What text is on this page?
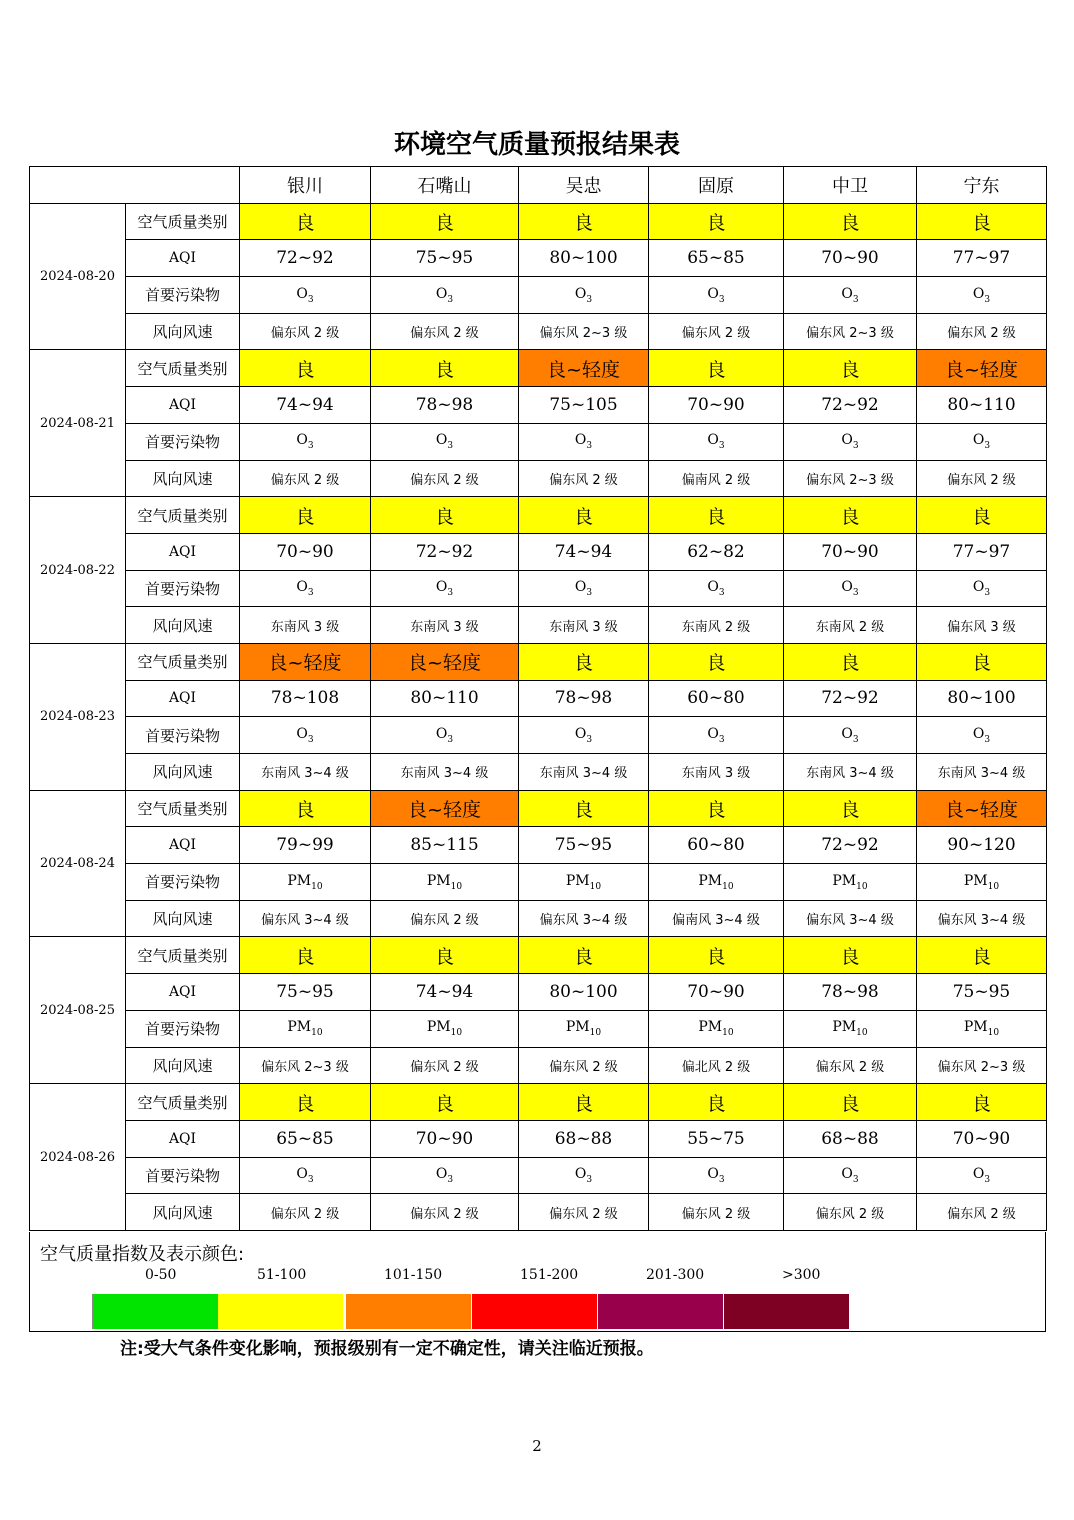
环境空气质量预报结果表
		银川	石嘴山	吴忠	固原	中卫	宁东
2024-08-20	空气质量类别	良	良	良	良	良	良
	AQI	72~92	75~95	80~100	65~85	70~90	77~97
	首要污染物	$O_3$	$O_3$	$O_3$	$O_3$	$O_3$	$O_3$
	风向风速	偏东风 2 级	偏东风 2 级	偏东风 2~3 级	偏东风 2 级	偏东风 2~3 级	偏东风 2 级
2024-08-21	空气质量类别	良	良	良~轻度	良	良	良~轻度
	AQI	74~94	78~98	75~105	70~90	72~92	80~110
	首要污染物	$O_3$	$O_3$	$O_3$	$O_3$	$O_3$	$O_3$
	风向风速	偏东风 2 级	偏东风 2 级	偏东风 2 级	偏南风 2 级	偏东风 2~3 级	偏东风 2 级
2024-08-22	空气质量类别	良	良	良	良	良	良
	AQI	70~90	72~92	74~94	62~82	70~90	77~97
	首要污染物	$O_3$	$O_3$	$O_3$	$O_3$	$O_3$	$O_3$
	风向风速	东南风 3 级	东南风 3 级	东南风 3 级	东南风 2 级	东南风 2 级	偏东风 3 级
2024-08-23	空气质量类别	良~轻度	良~轻度	良	良	良	良
	AQI	78~108	80~110	78~98	60~80	72~92	80~100
	首要污染物	$O_3$	$O_3$	$O_3$	$O_3$	$O_3$	$O_3$
	风向风速	东南风 3~4 级	东南风 3~4 级	东南风 3~4 级	东南风 3 级	东南风 3~4 级	东南风 3~4 级
2024-08-24	空气质量类别	良	良~轻度	良	良	良	良~轻度
	AQI	79~99	85~115	75~95	60~80	72~92	90~120
	首要污染物	$PM_{10}$	$PM_{10}$	$PM_{10}$	$PM_{10}$	$PM_{10}$	$PM_{10}$
	风向风速	偏东风 3~4 级	偏东风 2 级	偏东风 3~4 级	偏南风 3~4 级	偏东风 3~4 级	偏东风 3~4 级
2024-08-25	空气质量类别	良	良	良	良	良	良
	AQI	75~95	74~94	80~100	70~90	78~98	75~95
	首要污染物	$PM_{10}$	$PM_{10}$	$PM_{10}$	$PM_{10}$	$PM_{10}$	$PM_{10}$
	风向风速	偏东风 2~3 级	偏东风 2 级	偏东风 2 级	偏北风 2 级	偏东风 2 级	偏东风 2~3 级
2024-08-26	空气质量类别	良	良	良	良	良	良
	AQI	65~85	70~90	68~88	55~75	68~88	70~90
	首要污染物	$O_3$	$O_3$	$O_3$	$O_3$	$O_3$	$O_3$
	风向风速	偏东风 2 级	偏东风 2 级	偏东风 2 级	偏东风 2 级	偏东风 2 级	偏东风 2 级
空气质量指数及表示颜色:
0-50	51-100	101-150	151-200	201-300	>300
注:受大气条件变化影响，预报级别有一定不确定性，请关注临近预报。
2
